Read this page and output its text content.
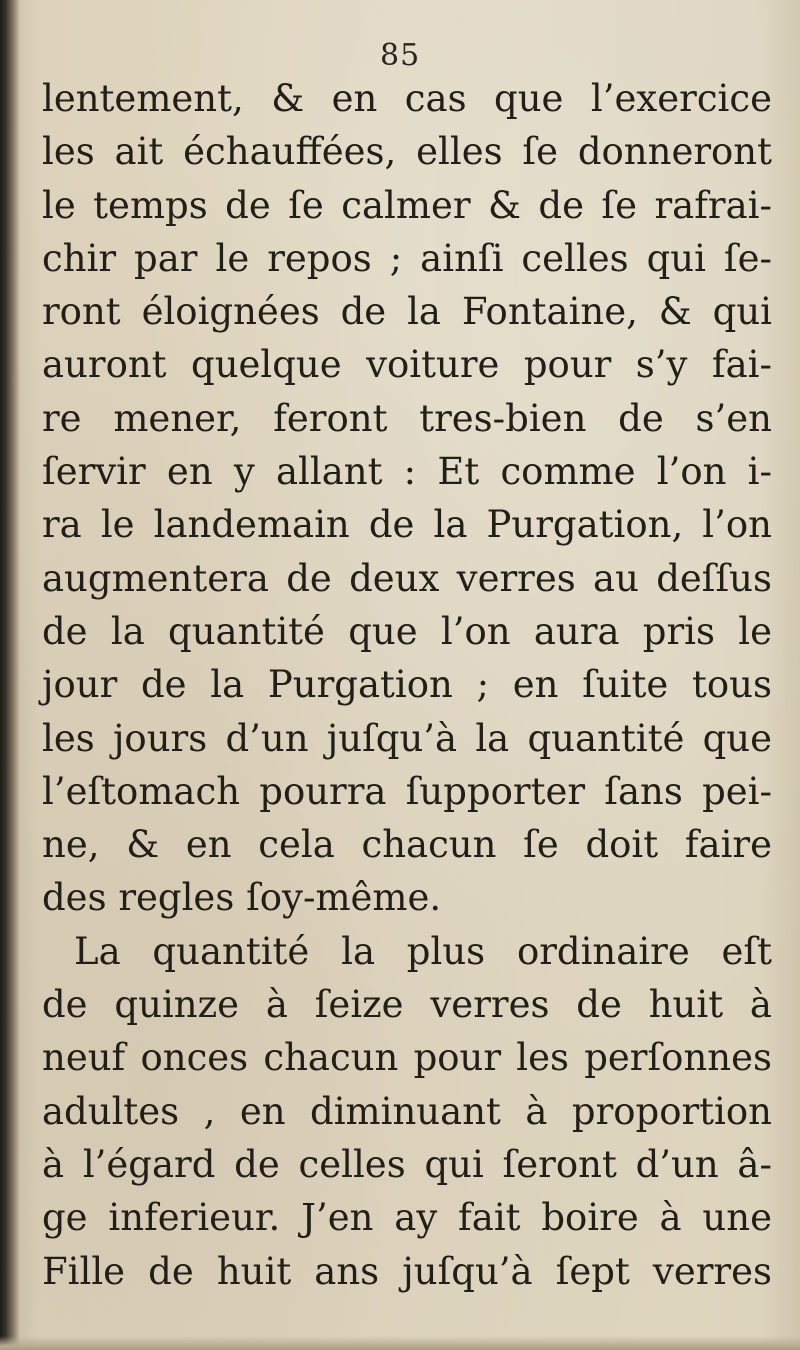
85
lentement, & en cas que l’exercice
les ait échauffées, elles ſe donneront
le temps de ſe calmer & de ſe rafrai-
chir par le repos ; ainſi celles qui ſe-
ront éloignées de la Fontaine, & qui
auront quelque voiture pour s’y fai-
re mener, feront tres-bien de s’en
ſervir en y allant : Et comme l’on i-
ra le landemain de la Purgation, l’on
augmentera de deux verres au deſſus
de la quantité que l’on aura pris le
jour de la Purgation ; en ſuite tous
les jours d’un juſqu’à la quantité que
l’eſtomach pourra ſupporter ſans pei-
ne, & en cela chacun ſe doit faire
des regles ſoy-même.
La quantité la plus ordinaire eſt
de quinze à ſeize verres de huit à
neuf onces chacun pour les perſonnes
adultes , en diminuant à proportion
à l’égard de celles qui ſeront d’un â-
ge inferieur. J’en ay fait boire à une
Fille de huit ans juſqu’à ſept verres
